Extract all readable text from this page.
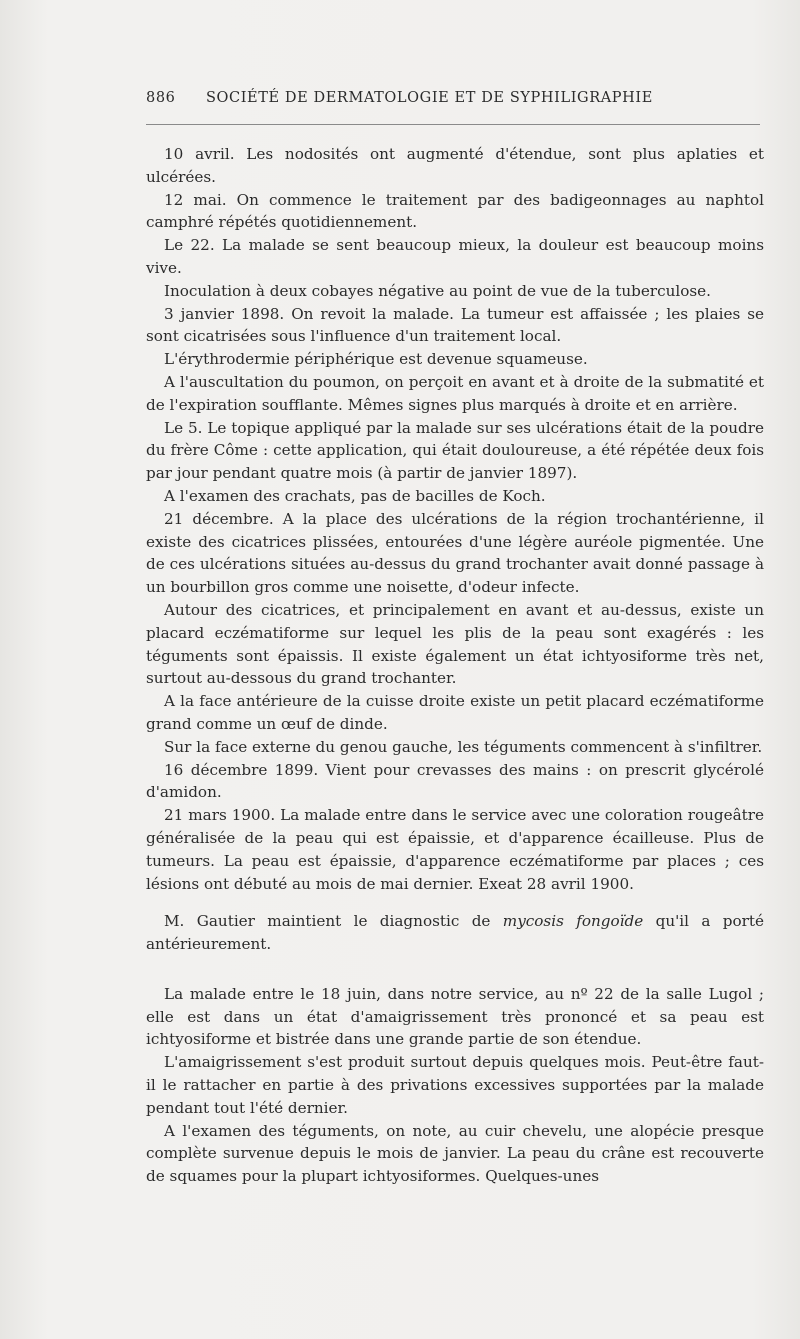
886 SOCIÉTÉ DE DERMATOLOGIE ET DE SYPHILIGRAPHIE

10 avril. Les nodosités ont augmenté d'étendue, sont plus aplaties et ulcérées.

12 mai. On commence le traitement par des badigeonnages au naphtol camphré répétés quotidiennement.

Le 22. La malade se sent beaucoup mieux, la douleur est beaucoup moins vive.

Inoculation à deux cobayes négative au point de vue de la tuberculose.

3 janvier 1898. On revoit la malade. La tumeur est affaissée ; les plaies se sont cicatrisées sous l'influence d'un traitement local.

L'érythrodermie périphérique est devenue squameuse.

A l'auscultation du poumon, on perçoit en avant et à droite de la submatité et de l'expiration soufflante. Mêmes signes plus marqués à droite et en arrière.

Le 5. Le topique appliqué par la malade sur ses ulcérations était de la poudre du frère Côme : cette application, qui était douloureuse, a été répétée deux fois par jour pendant quatre mois (à partir de janvier 1897).

A l'examen des crachats, pas de bacilles de Koch.

21 décembre. A la place des ulcérations de la région trochantérienne, il existe des cicatrices plissées, entourées d'une légère auréole pigmentée. Une de ces ulcérations situées au-dessus du grand trochanter avait donné passage à un bourbillon gros comme une noisette, d'odeur infecte.

Autour des cicatrices, et principalement en avant et au-dessus, existe un placard eczématiforme sur lequel les plis de la peau sont exagérés : les téguments sont épaissis. Il existe également un état ichtyosiforme très net, surtout au-dessous du grand trochanter.

A la face antérieure de la cuisse droite existe un petit placard eczématiforme grand comme un œuf de dinde.

Sur la face externe du genou gauche, les téguments commencent à s'infiltrer.

16 décembre 1899. Vient pour crevasses des mains : on prescrit glycérolé d'amidon.

21 mars 1900. La malade entre dans le service avec une coloration rougeâtre généralisée de la peau qui est épaissie, et d'apparence écailleuse. Plus de tumeurs. La peau est épaissie, d'apparence eczématiforme par places ; ces lésions ont débuté au mois de mai dernier. Exeat 28 avril 1900.

M. Gautier maintient le diagnostic de mycosis fongoïde qu'il a porté antérieurement.

La malade entre le 18 juin, dans notre service, au nº 22 de la salle Lugol ; elle est dans un état d'amaigrissement très prononcé et sa peau est ichtyosiforme et bistrée dans une grande partie de son étendue.

L'amaigrissement s'est produit surtout depuis quelques mois. Peut-être faut-il le rattacher en partie à des privations excessives supportées par la malade pendant tout l'été dernier.

A l'examen des téguments, on note, au cuir chevelu, une alopécie presque complète survenue depuis le mois de janvier. La peau du crâne est recouverte de squames pour la plupart ichtyosiformes. Quelques-unes
